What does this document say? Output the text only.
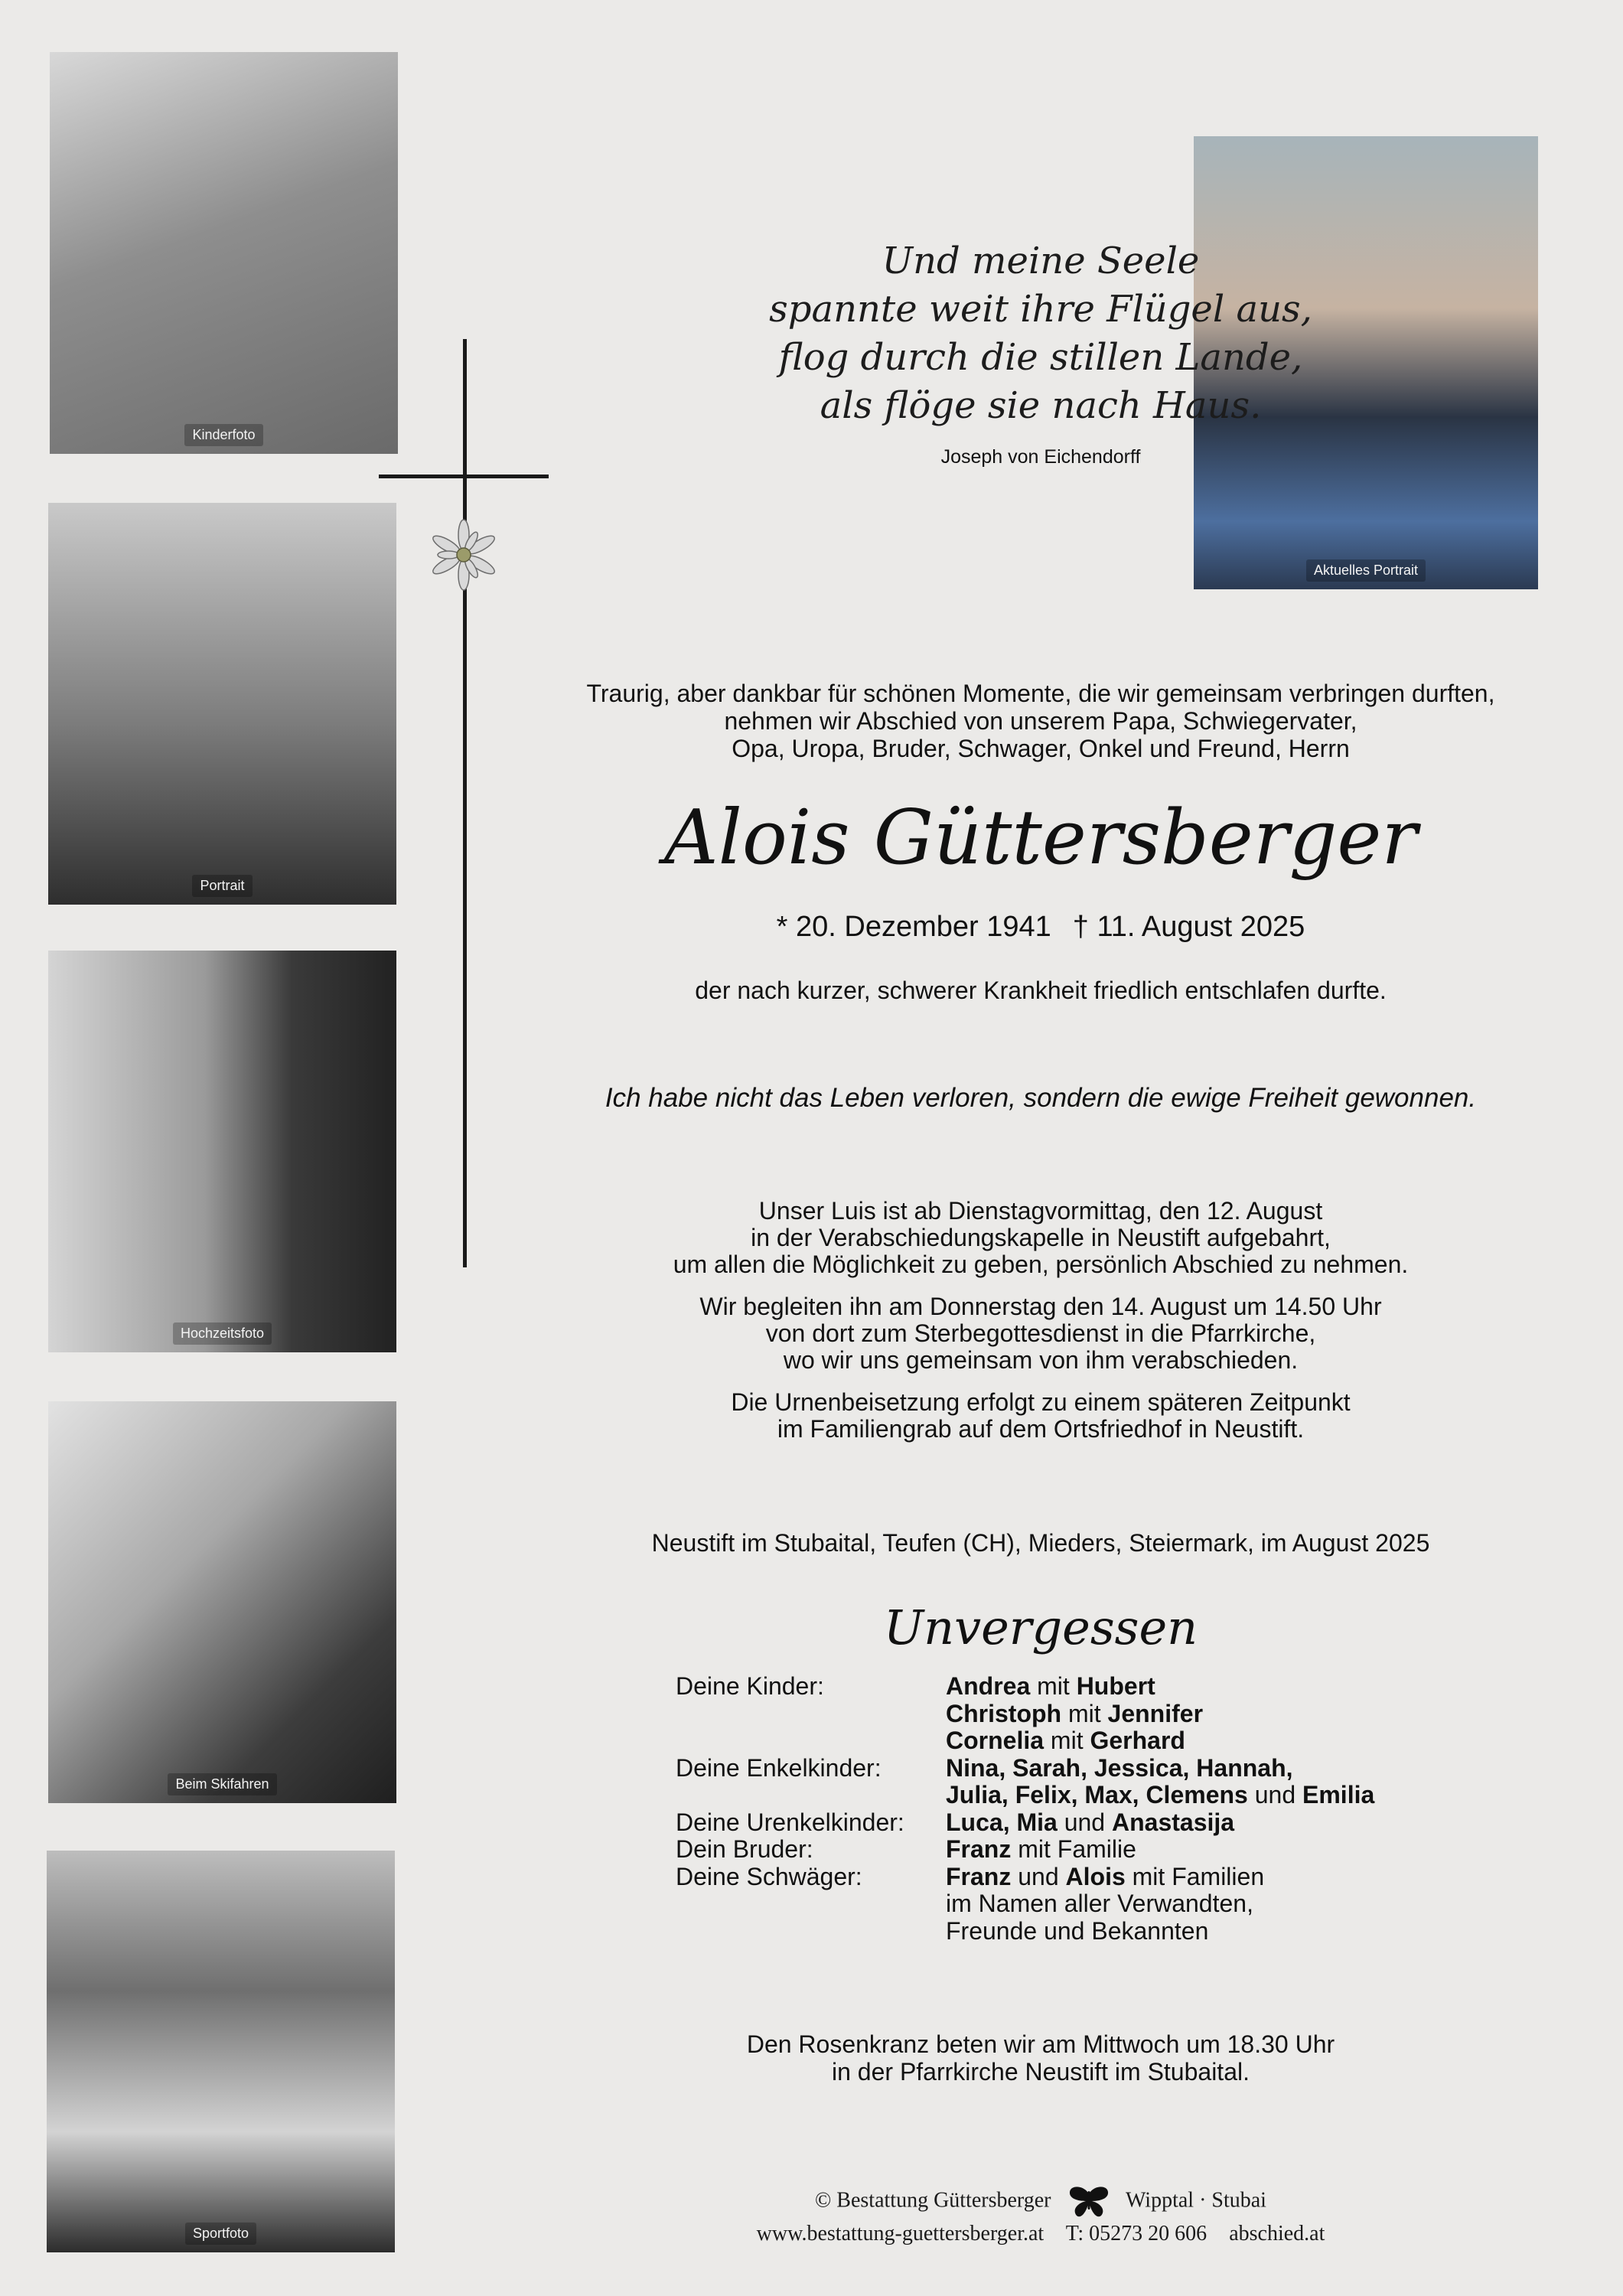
Kinderfoto
Portrait
Hochzeitsfoto
Beim Skifahren
Sportfoto
Aktuelles Portrait
Und meine Seele
spannte weit ihre Flügel aus,
flog durch die stillen Lande,
als flöge sie nach Haus.
Joseph von Eichendorff
Traurig, aber dankbar für schönen Momente, die wir gemeinsam verbringen durften,
nehmen wir Abschied von unserem Papa, Schwiegervater,
Opa, Uropa, Bruder, Schwager, Onkel und Freund, Herrn
Alois Güttersberger
* 20. Dezember 1941 † 11. August 2025
der nach kurzer, schwerer Krankheit friedlich entschlafen durfte.
Ich habe nicht das Leben verloren, sondern die ewige Freiheit gewonnen.
Unser Luis ist ab Dienstagvormittag, den 12. August
in der Verabschiedungskapelle in Neustift aufgebahrt,
um allen die Möglichkeit zu geben, persönlich Abschied zu nehmen.
Wir begleiten ihn am Donnerstag den 14. August um 14.50 Uhr
von dort zum Sterbegottesdienst in die Pfarrkirche,
wo wir uns gemeinsam von ihm verabschieden.
Die Urnenbeisetzung erfolgt zu einem späteren Zeitpunkt
im Familiengrab auf dem Ortsfriedhof in Neustift.
Neustift im Stubaital, Teufen (CH), Mieders, Steiermark, im August 2025
Unvergessen
Deine Kinder:	Andrea mit Hubert
Christoph mit Jennifer
Cornelia mit Gerhard
Deine Enkelkinder:	Nina, Sarah, Jessica, Hannah,
Julia, Felix, Max, Clemens und Emilia
Deine Urenkelkinder:	Luca, Mia und Anastasija
Dein Bruder:	Franz mit Familie
Deine Schwäger:	Franz und Alois mit Familien
im Namen aller Verwandten,
Freunde und Bekannten
Den Rosenkranz beten wir am Mittwoch um 18.30 Uhr
in der Pfarrkirche Neustift im Stubaital.
© Bestattung Güttersberger	Wipptal · Stubai
www.bestattung-guettersberger.at T: 05273 20 606 abschied.at
